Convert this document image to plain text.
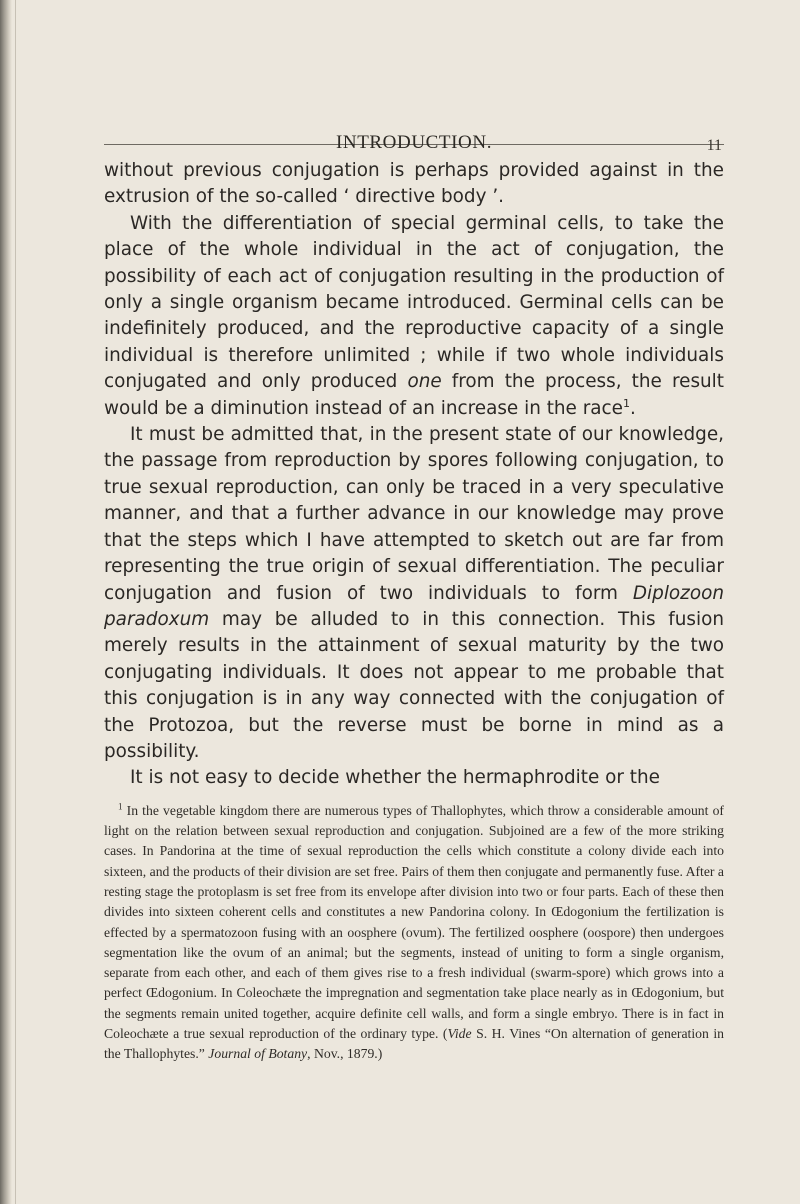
INTRODUCTION.	11

without previous conjugation is perhaps provided against in the extrusion of the so-called ‘ directive body ’.

With the differentiation of special germinal cells, to take the place of the whole individual in the act of conjugation, the possibility of each act of conjugation resulting in the production of only a single organism became introduced. Germinal cells can be indefinitely produced, and the reproductive capacity of a single individual is therefore unlimited ; while if two whole individuals conjugated and only produced one from the process, the result would be a diminution instead of an increase in the race$^1$.

It must be admitted that, in the present state of our knowledge, the passage from reproduction by spores following conjugation, to true sexual reproduction, can only be traced in a very speculative manner, and that a further advance in our knowledge may prove that the steps which I have attempted to sketch out are far from representing the true origin of sexual differentiation. The peculiar conjugation and fusion of two individuals to form Diplozoon paradoxum may be alluded to in this connection. This fusion merely results in the attainment of sexual maturity by the two conjugating individuals. It does not appear to me probable that this conjugation is in any way connected with the conjugation of the Protozoa, but the reverse must be borne in mind as a possibility.

It is not easy to decide whether the hermaphrodite or the

$^1$ In the vegetable kingdom there are numerous types of Thallophytes, which throw a considerable amount of light on the relation between sexual reproduction and conjugation. Subjoined are a few of the more striking cases. In Pandorina at the time of sexual reproduction the cells which constitute a colony divide each into sixteen, and the products of their division are set free. Pairs of them then conjugate and permanently fuse. After a resting stage the protoplasm is set free from its envelope after division into two or four parts. Each of these then divides into sixteen coherent cells and constitutes a new Pandorina colony. In Œdogonium the fertilization is effected by a spermatozoon fusing with an oosphere (ovum). The fertilized oosphere (oospore) then undergoes segmentation like the ovum of an animal; but the segments, instead of uniting to form a single organism, separate from each other, and each of them gives rise to a fresh individual (swarm-spore) which grows into a perfect Œdogonium. In Coleochæte the impregnation and segmentation take place nearly as in Œdogonium, but the segments remain united together, acquire definite cell walls, and form a single embryo. There is in fact in Coleochæte a true sexual reproduction of the ordinary type. (Vide S. H. Vines “On alternation of generation in the Thallophytes.” Journal of Botany, Nov., 1879.)
